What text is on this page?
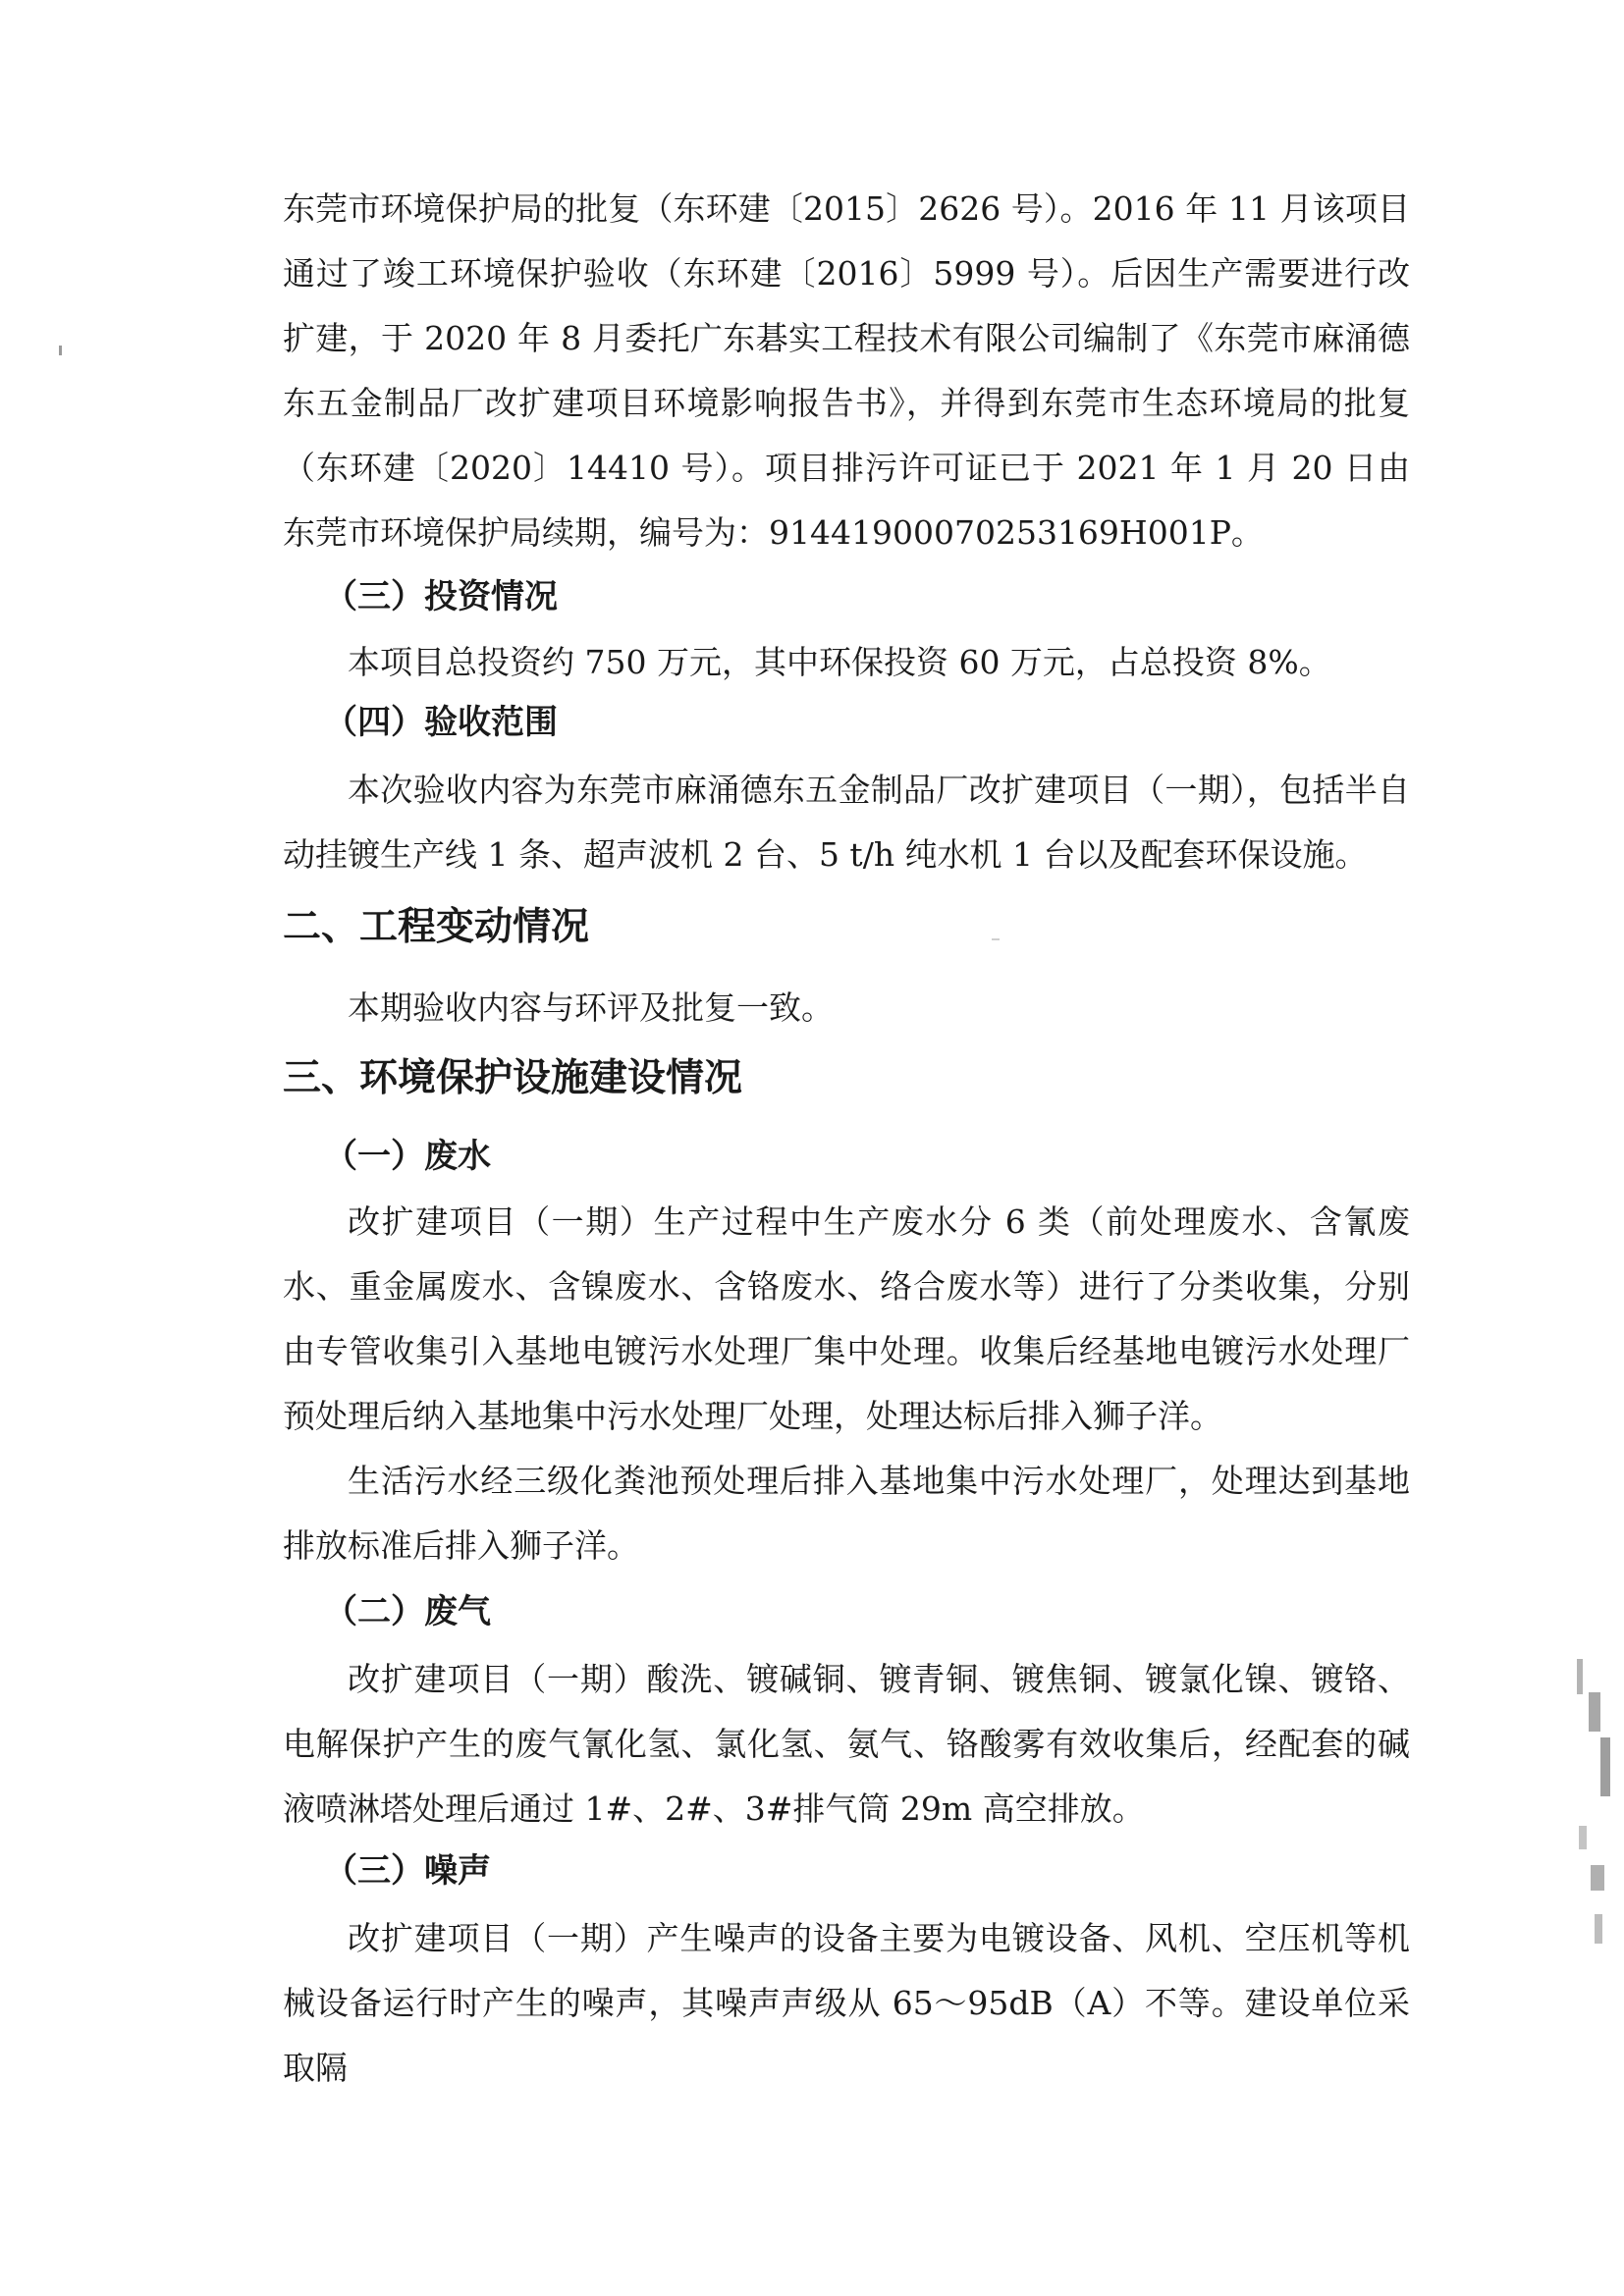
东莞市环境保护局的批复（东环建〔2015〕2626 号）。2016 年 11 月该项目通过了竣工环境保护验收（东环建〔2016〕5999 号）。后因生产需要进行改扩建，于 2020 年 8 月委托广东碁实工程技术有限公司编制了《东莞市麻涌德东五金制品厂改扩建项目环境影响报告书》，并得到东莞市生态环境局的批复（东环建〔2020〕14410 号）。项目排污许可证已于 2021 年 1 月 20 日由东莞市环境保护局续期，编号为：91441900070253169H001P。

（三）投资情况

本项目总投资约 750 万元，其中环保投资 60 万元，占总投资 8%。

（四）验收范围

本次验收内容为东莞市麻涌德东五金制品厂改扩建项目（一期），包括半自动挂镀生产线 1 条、超声波机 2 台、5 t/h 纯水机 1 台以及配套环保设施。

二、工程变动情况

本期验收内容与环评及批复一致。

三、环境保护设施建设情况

（一）废水

改扩建项目（一期）生产过程中生产废水分 6 类（前处理废水、含氰废水、重金属废水、含镍废水、含铬废水、络合废水等）进行了分类收集，分别由专管收集引入基地电镀污水处理厂集中处理。收集后经基地电镀污水处理厂预处理后纳入基地集中污水处理厂处理，处理达标后排入狮子洋。

生活污水经三级化粪池预处理后排入基地集中污水处理厂，处理达到基地排放标准后排入狮子洋。

（二）废气

改扩建项目（一期）酸洗、镀碱铜、镀青铜、镀焦铜、镀氯化镍、镀铬、电解保护产生的废气氰化氢、氯化氢、氨气、铬酸雾有效收集后，经配套的碱液喷淋塔处理后通过 1#、2#、3#排气筒 29m 高空排放。

（三）噪声

改扩建项目（一期）产生噪声的设备主要为电镀设备、风机、空压机等机械设备运行时产生的噪声，其噪声声级从 65～95dB（A）不等。建设单位采取隔
